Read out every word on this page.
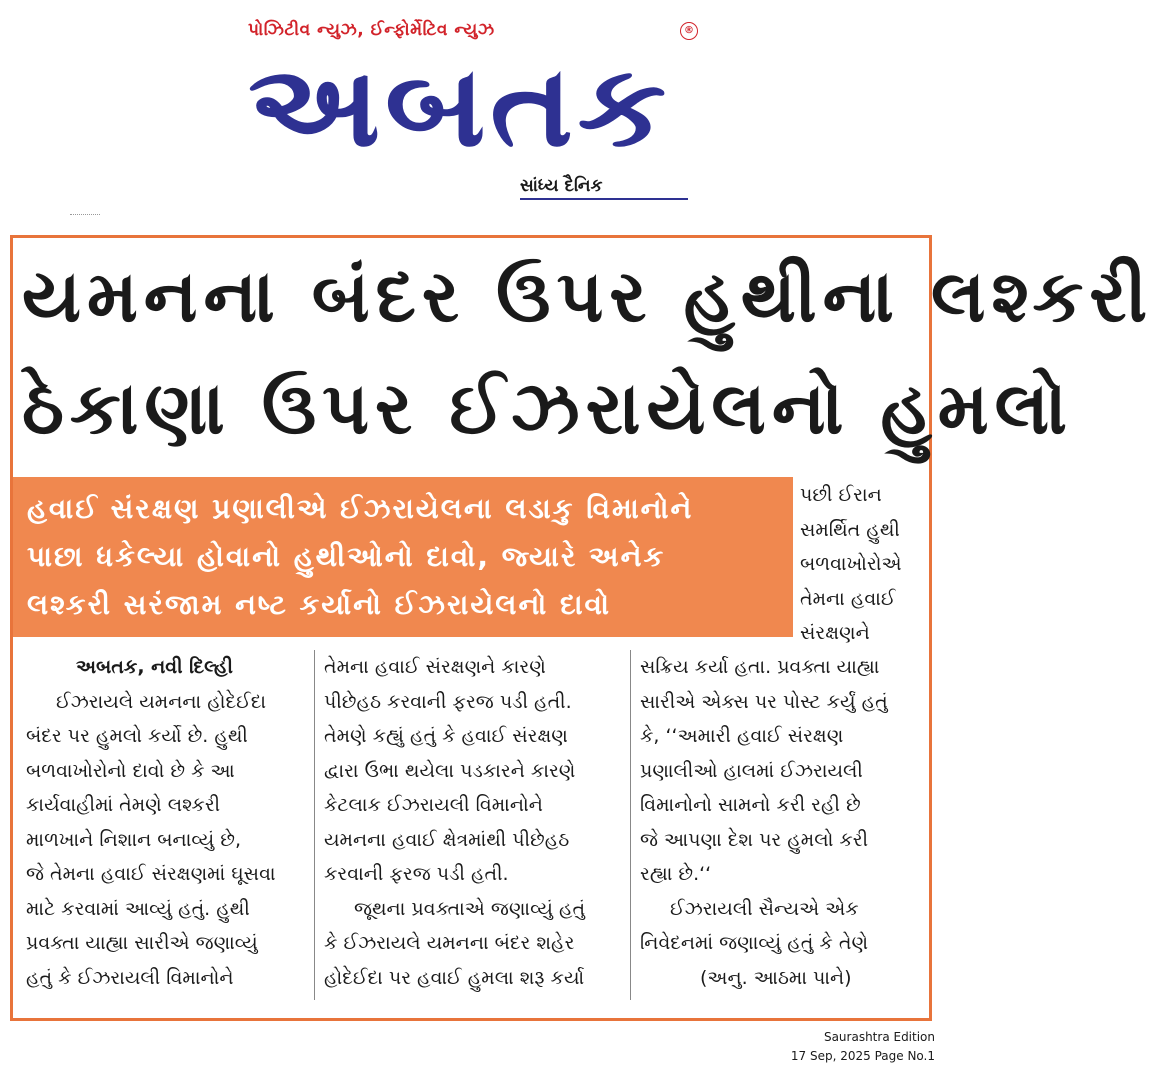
પોઝિટીવ ન્યુઝ, ઈન્ફોર્મેટિવ ન્યુઝ	®
અબતક
સાંધ્ય દૈનિક
યમનના બંદર ઉપર હુથીના લશ્કરી
ઠેકાણા ઉપર ઈઝરાયેલનો હુમલો
હવાઈ સંરક્ષણ પ્રણાલીએ ઈઝરાયેલના લડાકુ વિમાનોને
પાછા ધકેલ્યા હોવાનો હુથીઓનો દાવો, જ્યારે અનેક
લશ્કરી સરંજામ નષ્ટ કર્યાનો ઈઝરાયેલનો દાવો
પછી ઈરાન
સમર્થિત હુથી
બળવાખોરોએ
તેમના હવાઈ
સંરક્ષણને
અબતક, નવી દિલ્હી
ઈઝરાયલે યમનના હોદેઈદા
બંદર પર હુમલો કર્યો છે. હુથી
બળવાખોરોનો દાવો છે કે આ
કાર્યવાહીમાં તેમણે લશ્કરી
માળખાને નિશાન બનાવ્યું છે,
જે તેમના હવાઈ સંરક્ષણમાં ઘૂસવા
માટે કરવામાં આવ્યું હતું. હુથી
પ્રવક્તા યાહ્યા સારીએ જણાવ્યું
હતું કે ઈઝરાયલી વિમાનોને
તેમના હવાઈ સંરક્ષણને કારણે
પીછેહઠ કરવાની ફરજ પડી હતી.
તેમણે કહ્યું હતું કે હવાઈ સંરક્ષણ
દ્વારા ઉભા થયેલા પડકારને કારણે
કેટલાક ઈઝરાયલી વિમાનોને
યમનના હવાઈ ક્ષેત્રમાંથી પીછેહઠ
કરવાની ફરજ પડી હતી.
જૂથના પ્રવક્તાએ જણાવ્યું હતું
કે ઈઝરાયલે યમનના બંદર શહેર
હોદેઈદા પર હવાઈ હુમલા શરૂ કર્યા
સક્રિય કર્યા હતા. પ્રવક્તા યાહ્યા
સારીએ એક્સ પર પોસ્ટ કર્યું હતું
કે, ‘‘અમારી હવાઈ સંરક્ષણ
પ્રણાલીઓ હાલમાં ઈઝરાયલી
વિમાનોનો સામનો કરી રહી છે
જે આપણા દેશ પર હુમલો કરી
રહ્યા છે.‘‘
ઈઝરાયલી સૈન્યએ એક
નિવેદનમાં જણાવ્યું હતું કે તેણે
(અનુ. આઠમા પાને)
Saurashtra Edition
17 Sep, 2025 Page No.1
